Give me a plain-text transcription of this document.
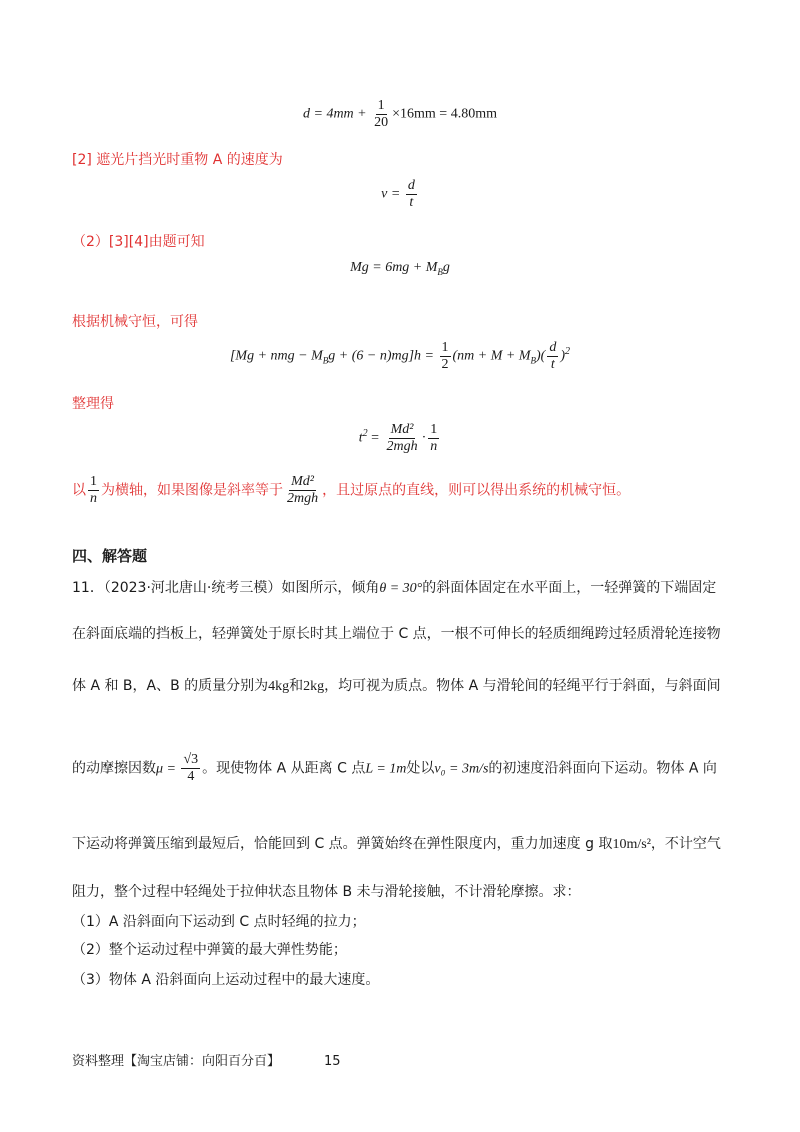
$d = 4mm + \frac{1}{20} \times 16mm = 4.80mm$
[2] 遮光片挡光时重物 A 的速度为
$v = \frac{d}{t}$
（2）[3][4]由题可知
$Mg = 6mg + M_Bg$
根据机械守恒，可得
[Mg + nmg − $M_Bg + (6 - n)mg]h = \frac{1}{2} (nm + M + M_B)( \frac{d}{t} )^2$
整理得
$t^2 = \frac{\text{Md²}}{\text{2mgh}} \cdot \frac{1}{n}$
以 $\frac{1}{n}$ 为横轴，如果图像是斜率等于 $\frac{\text{Md²}}{\text{2mgh}}$ ，且过原点的直线，则可以得出系统的机械守恒。
四、解答题
11．（2023·河北唐山·统考三模）如图所示，倾角θ = 30°的斜面体固定在水平面上，一轻弹簧的下端固定
在斜面底端的挡板上，轻弹簧处于原长时其上端位于 C 点，一根不可伸长的轻质细绳跨过轻质滑轮连接物
体 A 和 B，A、B 的质量分别为4kg和2kg，均可视为质点。物体 A 与滑轮间的轻绳平行于斜面，与斜面间
的动摩擦因数$\mu = \frac{√3}{4}$ 。现使物体 A 从距离 C 点L = 1m处以v₀ = 3m/s的初速度沿斜面向下运动。物体 A 向
下运动将弹簧压缩到最短后，恰能回到 C 点。弹簧始终在弹性限度内，重力加速度 g 取10m/s²，不计空气
阻力，整个过程中轻绳处于拉伸状态且物体 B 未与滑轮接触，不计滑轮摩擦。求：
（1）A 沿斜面向下运动到 C 点时轻绳的拉力；
（2）整个运动过程中弹簧的最大弹性势能；
（3）物体 A 沿斜面向上运动过程中的最大速度。
资料整理【淘宝店铺：向阳百分百】	15
